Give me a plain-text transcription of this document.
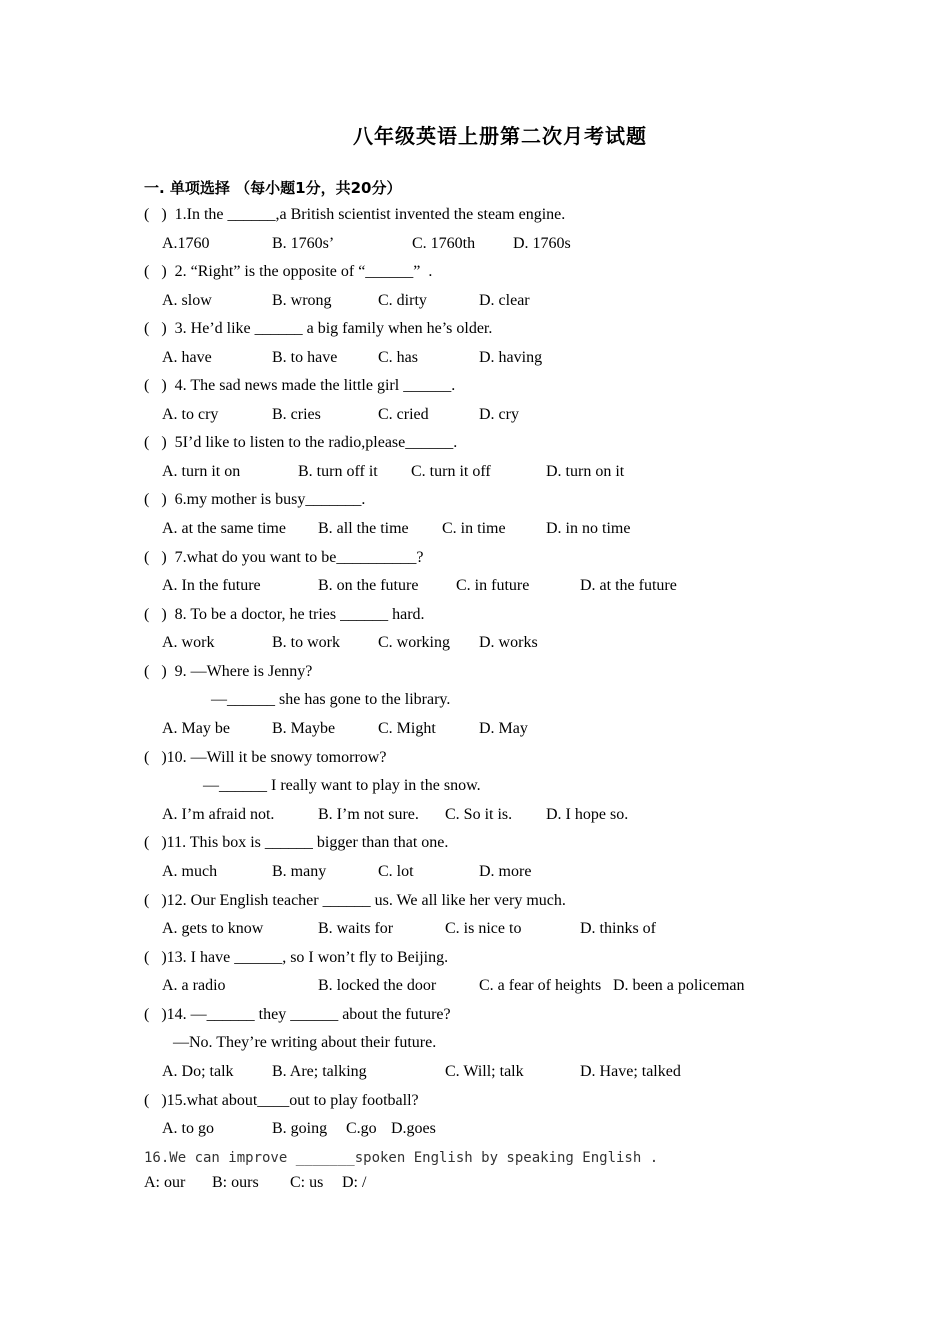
八年级英语上册第二次月考试题
一. 单项选择 （每小题1分，共20分）
(   )  1.In the ______,a British scientist invented the steam engine.
A.1760	B. 1760s’	C. 1760th D. 1760s
(   )  2. “Right” is the opposite of “______”  .
A. slow	B. wrong	C. dirty	D. clear
(   )  3. He’d like ______ a big family when he’s older.
A. have	B. to have	C. has	D. having
(   )  4. The sad news made the little girl ______.
A. to cry	B. cries	C. cried	D. cry
(   )  5I’d like to listen to the radio,please______.
A. turn it on	B. turn off it C. turn it off	D. turn on it
(   )  6.my mother is busy_______.
A. at the same time B. all the time C. in time	D. in no time
(   )  7.what do you want to be__________?
A. In the future	B. on the future C. in future	D. at the future
(   )  8. To be a doctor, he tries ______ hard.
A. work	B. to work C. working D. works
(   )  9. —Where is Jenny?
—______ she has gone to the library.
A. May be	B. Maybe	C. Might	D. May
(   )10. —Will it be snowy tomorrow?
—______ I really want to play in the snow.
A. I’m afraid not.	B. I’m not sure. C. So it is. D. I hope so.
(   )11. This box is ______ bigger than that one.
A. much	B. many	C. lot	D. more
(   )12. Our English teacher ______ us. We all like her very much.
A. gets to know	B. waits for	C. is nice to	D. thinks of
(   )13. I have ______, so I won’t fly to Beijing.
A. a radio	B. locked the door	C. a fear of heights D. been a policeman
(   )14. —______ they ______ about the future?
—No. They’re writing about their future.
A. Do; talk B. Are; talking	C. Will; talk	D. Have; talked
(   )15.what about____out to play football?
A. to go	B. going C.go D.goes
16.We can improve _______spoken English by speaking English .
A: our B: ours C: us D: /
